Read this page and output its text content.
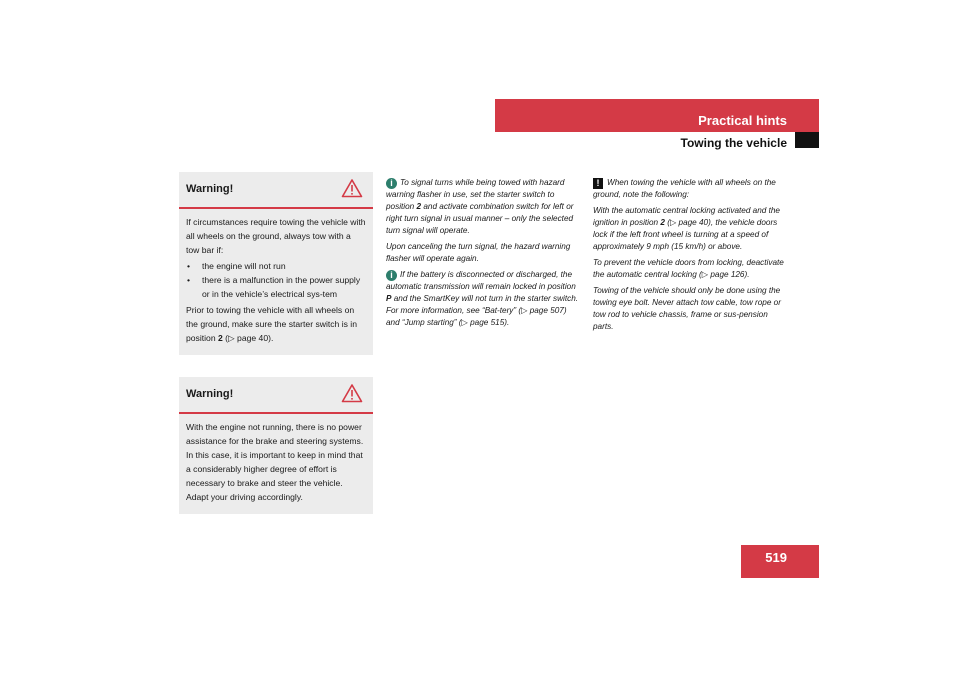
Practical hints
Towing the vehicle
519
Warning!

If circumstances require towing the vehicle with all wheels on the ground, always tow with a tow bar if:

• the engine will not run
• there is a malfunction in the power supply or in the vehicle’s electrical sys-tem

Prior to towing the vehicle with all wheels on the ground, make sure the starter switch is in position 2 (▷ page 40).

Warning!

With the engine not running, there is no power assistance for the brake and steering systems. In this case, it is important to keep in mind that a considerably higher degree of effort is necessary to brake and steer the vehicle. Adapt your driving accordingly.

i To signal turns while being towed with hazard warning flasher in use, set the starter switch to position 2 and activate combination switch for left or right turn signal in usual manner – only the selected turn signal will operate.

Upon canceling the turn signal, the hazard warning flasher will operate again.

i If the battery is disconnected or discharged, the automatic transmission will remain locked in position P and the SmartKey will not turn in the starter switch. For more information, see “Bat-tery” (▷ page 507) and “Jump starting” (▷ page 515).

! When towing the vehicle with all wheels on the ground, note the following:

With the automatic central locking activated and the ignition in position 2 (▷ page 40), the vehicle doors lock if the left front wheel is turning at a speed of approximately 9 mph (15 km/h) or above.

To prevent the vehicle doors from locking, deactivate the automatic central locking (▷ page 126).

Towing of the vehicle should only be done using the towing eye bolt. Never attach tow cable, tow rope or tow rod to vehicle chassis, frame or sus-pension parts.
